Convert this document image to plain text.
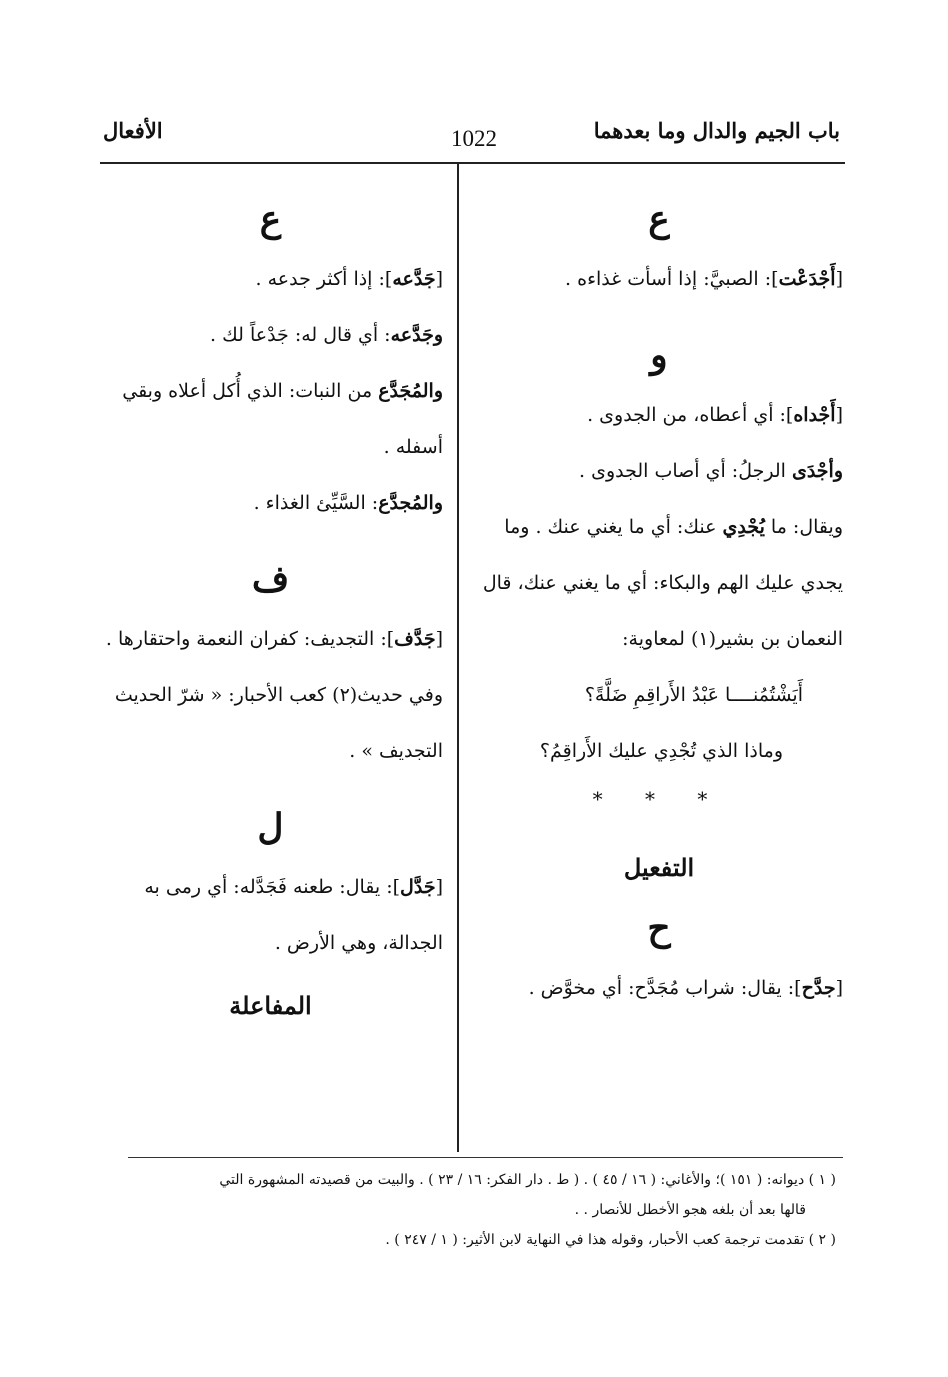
باب الجيم والدال وما بعدهما
1022
الأفعال
ع

[أَجْدَعْت]: الصبيَّ: إذا أسأت غذاءه .

و

[أَجْداه]: أي أعطاه، من الجدوى .

وأجْدَى الرجلُ: أي أصاب الجدوى .

ويقال: ما يُجْدِي عنك: أي ما يغني عنك . وما يجدي عليك الهم والبكاء: أي ما يغني عنك، قال النعمان بن بشير(١) لمعاوية:

أَيَشْتُمُنــــا عَبْدُ الأَراقِمِ ضَلَّةً؟

وماذا الذي تُجْدِي عليك الأَراقِمُ؟

* * *

التفعيل
ح

[جدَّح]: يقال: شراب مُجَدَّح: أي مخوَّض .

ع

[جَدَّعه]: إذا أكثر جدعه .

وجَدَّعه: أي قال له: جَدْعاً لك .

والمُجَدَّع من النبات: الذي أُكل أعلاه وبقي أسفله .

والمُجدَّع: السَّيِّئ الغذاء .

ف

[جَدَّف]: التجديف: كفران النعمة واحتقارها .

وفي حديث(٢) كعب الأحبار: « شرّ الحديث التجديف » .

ل

[جَدَّل]: يقال: طعنه فَجَدَّله: أي رمى به الجدالة، وهي الأرض .

المفاعلة

( ١ ) ديوانه: ( ١٥١ )؛ والأغاني: ( ١٦ / ٤٥ ) . ( ط . دار الفكر: ١٦ / ٢٣ ) . والبيت من قصيدته المشهورة التي

قالها بعد أن بلغه هجو الأخطل للأنصار . .

( ٢ ) تقدمت ترجمة كعب الأحبار، وقوله هذا في النهاية لابن الأثير: ( ١ / ٢٤٧ ) .
